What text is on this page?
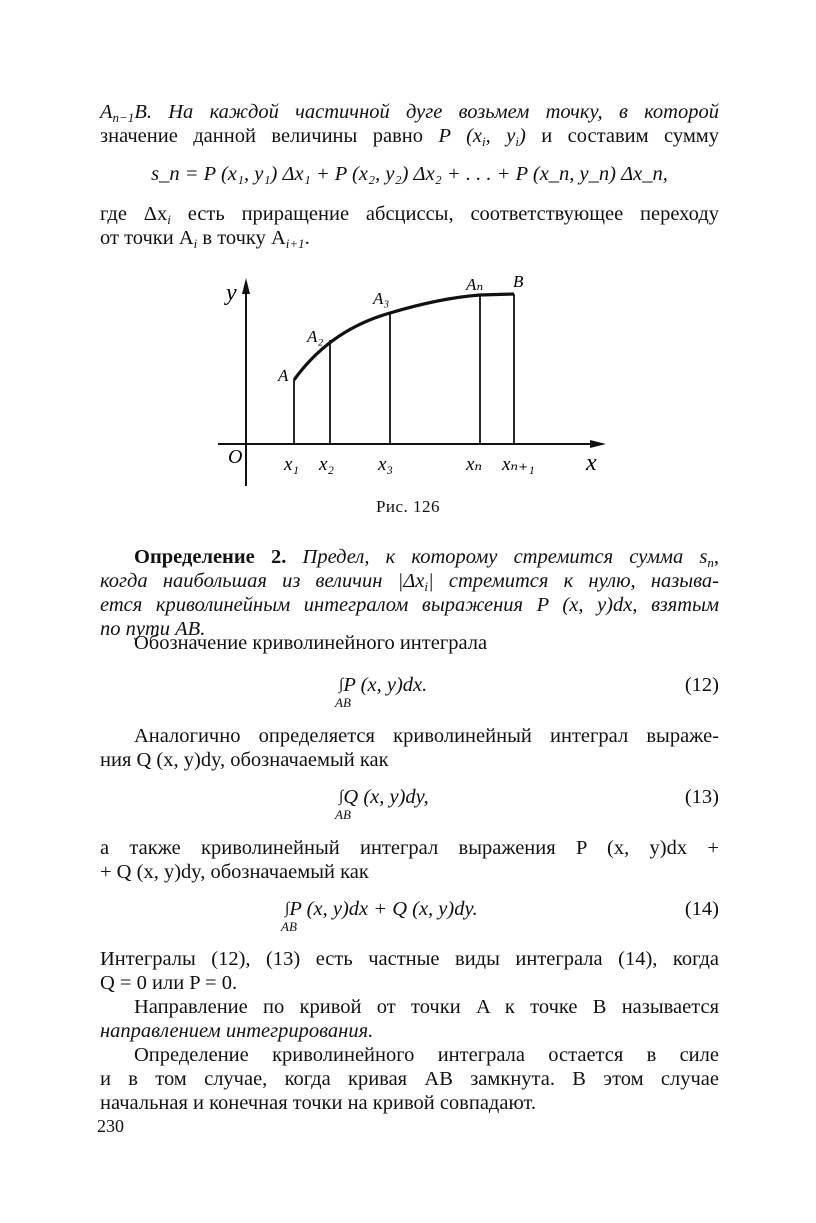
$A_{n-1}B$. На каждой частичной дуге возьмем точку, в которой
значение данной величины равно P ($x_i$, $y_i$) и составим сумму
s_n = P (x₁, y₁) Δx₁ + P (x₂, y₂) Δx₂ + . . . + P (x_n, y_n) Δx_n,
где $\Delta x_i$ есть приращение абсциссы, соответствующее переходу
от точки $A_i$ в точку $A_{i+1}$.
y
x
O
A
A₂
A₃
Aₙ B
x₁ x₂ x₃	xₙ xₙ₊₁
Рис. 126
Определение 2. Предел, к которому стремится сумма $s_n$,
когда наибольшая из величин $|\Delta x_i|$ стремится к нулю, называ-
ется криволинейным интегралом выражения P (x, y)dx, взятым
по пути AB.
Обозначение криволинейного интеграла
∫P (x, y)dx.
AB
(12)
Аналогично определяется криволинейный интеграл выраже-
ния Q (x, y)dy, обозначаемый как
∫Q (x, y)dy,
AB
(13)
а также криволинейный интеграл выражения P (x, y)dx +
+ Q (x, y)dy, обозначаемый как
∫P (x, y)dx + Q (x, y)dy.
AB
(14)
Интегралы (12), (13) есть частные виды интеграла (14), когда
Q = 0 или P = 0.
Направление по кривой от точки A к точке B называется
направлением интегрирования.
Определение криволинейного интеграла остается в силе
и в том случае, когда кривая AB замкнута. В этом случае
начальная и конечная точки на кривой совпадают.
230
